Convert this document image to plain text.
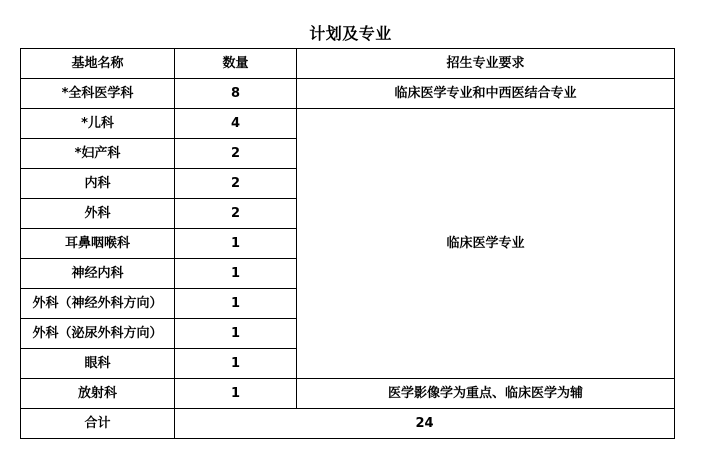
计划及专业
基地名称	数量	招生专业要求
*全科医学科	8	临床医学专业和中西医结合专业
*儿科	4	临床医学专业
*妇产科	2	
内科	2	
外科	2	
耳鼻咽喉科	1	
神经内科	1	
外科（神经外科方向）	1	
外科（泌尿外科方向）	1	
眼科	1	
放射科	1	医学影像学为重点、临床医学为辅
合计	24	
